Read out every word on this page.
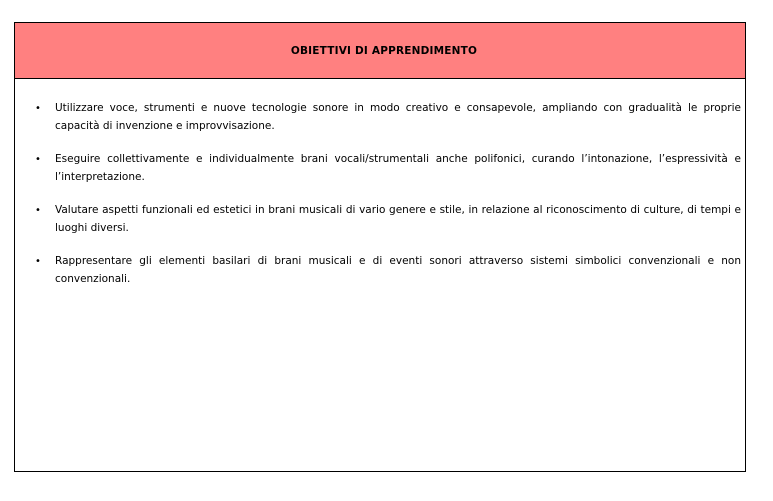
OBIETTIVI DI APPRENDIMENTO
• Utilizzare voce, strumenti e nuove tecnologie sonore in modo creativo e consapevole, ampliando con gradualità le proprie capacità di invenzione e improvvisazione.
• Eseguire collettivamente e individualmente brani vocali/strumentali anche polifonici, curando l’intonazione, l’espressività e l’interpretazione.
• Valutare aspetti funzionali ed estetici in brani musicali di vario genere e stile, in relazione al riconoscimento di culture, di tempi e luoghi diversi.
• Rappresentare gli elementi basilari di brani musicali e di eventi sonori attraverso sistemi simbolici convenzionali e non convenzionali.
